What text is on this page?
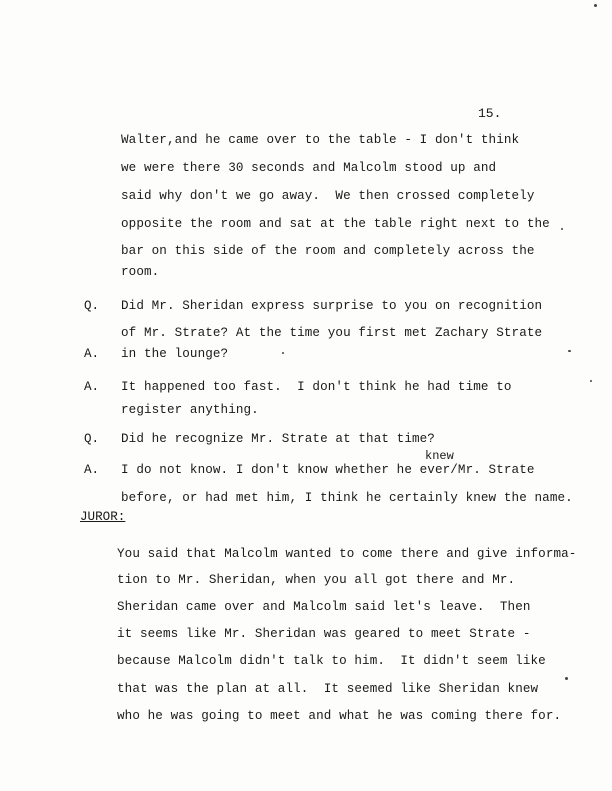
15.
Walter,and he came over to the table - I don't think
we were there 30 seconds and Malcolm stood up and
said why don't we go away.  We then crossed completely
opposite the room and sat at the table right next to the
bar on this side of the room and completely across the
room.
Q. Did Mr. Sheridan express surprise to you on recognition
of Mr. Strate? At the time you first met Zachary Strate
A. in the lounge?
A. It happened too fast.  I don't think he had time to
register anything.
Q. Did he recognize Mr. Strate at that time?
knew
A. I do not know. I don't know whether he ever/Mr. Strate
before, or had met him, I think he certainly knew the name.
JUROR:
You said that Malcolm wanted to come there and give informa-
tion to Mr. Sheridan, when you all got there and Mr.
Sheridan came over and Malcolm said let's leave.  Then
it seems like Mr. Sheridan was geared to meet Strate -
because Malcolm didn't talk to him.  It didn't seem like
that was the plan at all.  It seemed like Sheridan knew
who he was going to meet and what he was coming there for.
